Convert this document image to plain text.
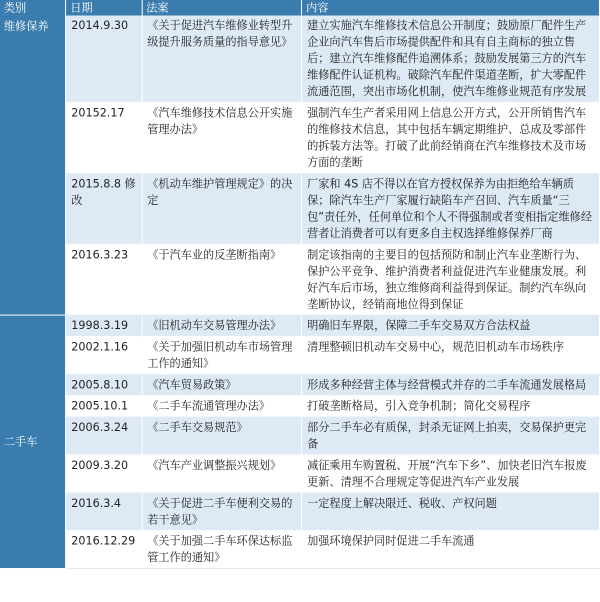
类别	日期	法案	内容
维修保养	2014.9.30	《关于促进汽车维修业转型升级提升服务质量的指导意见》	建立实施汽车维修技术信息公开制度；鼓励原厂配件生产企业向汽车售后市场提供配件和具有自主商标的独立售后；建立汽车维修配件追溯体系；鼓励发展第三方的汽车维修配件认证机构。破除汽车配件渠道垄断，扩大零配件流通范围，突出市场化机制，使汽车维修业规范有序发展
	20152.17	《汽车维修技术信息公开实施管理办法》	强制汽车生产者采用网上信息公开方式，公开所销售汽车的维修技术信息，其中包括车辆定期维护、总成及零部件的拆装方法等。打破了此前经销商在汽车维修技术及市场方面的垄断
	2015.8.8 修改	《机动车维护管理规定》的决定	厂家和 4S 店不得以在官方授权保养为由拒绝给车辆质保；除汽车生产厂家履行缺陷车产召回、汽车质量“三包”责任外，任何单位和个人不得强制或者变相指定维修经营者让消费者可以有更多自主权选择维修保养厂商
	2016.3.23	《于汽车业的反垄断指南》	制定该指南的主要目的包括预防和制止汽车业垄断行为、保护公平竞争、维护消费者利益促进汽车业健康发展。利好汽车后市场，独立维修商利益得到保证。制约汽车纵向垄断协议，经销商地位得到保证
二手车	1998.3.19	《旧机动车交易管理办法》	明确旧车界限，保障二手车交易双方合法权益
	2002.1.16	《关于加强旧机动车市场管理工作的通知》	清理整顿旧机动车交易中心，规范旧机动车市场秩序
	2005.8.10	《汽车贸易政策》	形成多种经营主体与经营模式并存的二手车流通发展格局
	2005.10.1	《二手车流通管理办法》	打破垄断格局，引入竞争机制；简化交易程序
	2006.3.24	《二手车交易规范》	部分二手车必有质保，封杀无证网上拍卖，交易保护更完备
	2009.3.20	《汽车产业调整振兴规划》	减征乘用车购置税、开展“汽车下乡”、加快老旧汽车报废更新、清理不合理规定等促进汽车产业发展
	2016.3.4	《关于促进二手车便利交易的若干意见》	一定程度上解决限迁、税收、产权问题
	2016.12.29	《关于加强二手车环保达标监管工作的通知》	加强环境保护同时促进二手车流通
